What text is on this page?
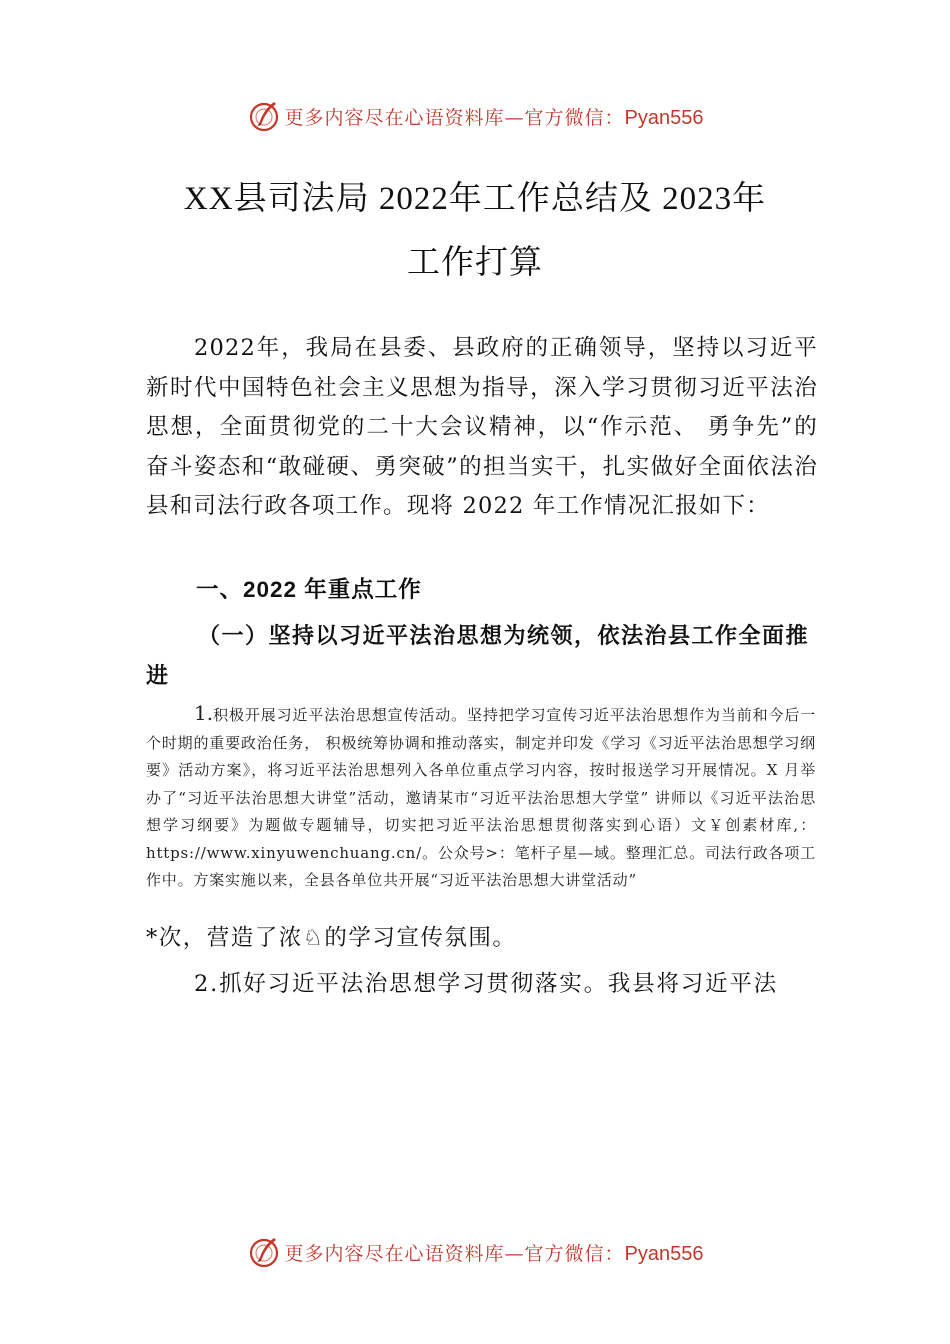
更多内容尽在心语资料库—官方微信：Pyan556
XX县司法局 2022年工作总结及 2023年
工作打算

2022年，我局在县委、县政府的正确领导，坚持以习近平新时代中国特色社会主义思想为指导，深入学习贯彻习近平法治思想，全面贯彻党的二十大会议精神，以“作示范、 勇争先”的奋斗姿态和“敢碰硬、勇突破”的担当实干，扎实做好全面依法治县和司法行政各项工作。现将 2022 年工作情况汇报如下：

一、2022 年重点工作

（一）坚持以习近平法治思想为统领，依法治县工作全面推进

1.积极开展习近平法治思想宣传活动。坚持把学习宣传习近平法治思想作为当前和今后一个时期的重要政治任务， 积极统筹协调和推动落实，制定并印发《学习《习近平法治思想学习纲要》活动方案》，将习近平法治思想列入各单位重点学习内容，按时报送学习开展情况。X 月举办了“习近平法治思想大讲堂”活动，邀请某市“习近平法治思想大学堂” 讲师以《习近平法治思想学习纲要》为题做专题辅导，切实把习近平法治思想贯彻落实到心语）文￥创素材库,：https://www.xinyuwenchuang.cn/。公众号>：笔杆子星—域。整理汇总。司法行政各项工作中。方案实施以来，全县各单位共开展“习近平法治思想大讲堂活动”

*次，营造了浓♘的学习宣传氛围。
2.抓好习近平法治思想学习贯彻落实。我县将习近平法
更多内容尽在心语资料库—官方微信：Pyan556
